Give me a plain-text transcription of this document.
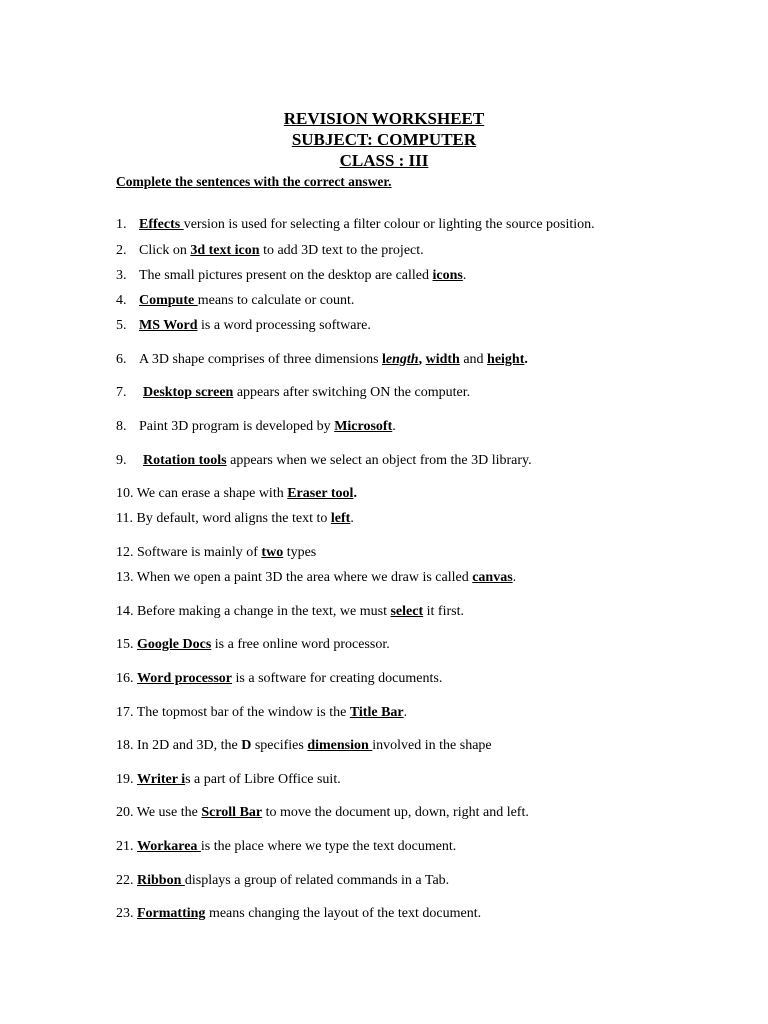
REVISION WORKSHEET
SUBJECT: COMPUTER
CLASS : III
Complete the sentences with the correct answer.
1. Effects version is used for selecting a filter colour or lighting the source position.
2. Click on 3d text icon to add 3D text to the project.
3. The small pictures present on the desktop are called icons.
4. Compute means to calculate or count.
5. MS Word is a word processing software.
6. A 3D shape comprises of three dimensions length, width and height.
7. Desktop screen appears after switching ON the computer.
8. Paint 3D program is developed by Microsoft.
9. Rotation tools appears when we select an object from the 3D library.
10. We can erase a shape with Eraser tool.
11. By default, word aligns the text to left.
12. Software is mainly of two types
13. When we open a paint 3D the area where we draw is called canvas.
14. Before making a change in the text, we must select it first.
15. Google Docs is a free online word processor.
16. Word processor is a software for creating documents.
17. The topmost bar of the window is the Title Bar.
18. In 2D and 3D, the D specifies dimension involved in the shape
19. Writer is a part of Libre Office suit.
20. We use the Scroll Bar to move the document up, down, right and left.
21. Workarea is the place where we type the text document.
22. Ribbon displays a group of related commands in a Tab.
23. Formatting means changing the layout of the text document.
